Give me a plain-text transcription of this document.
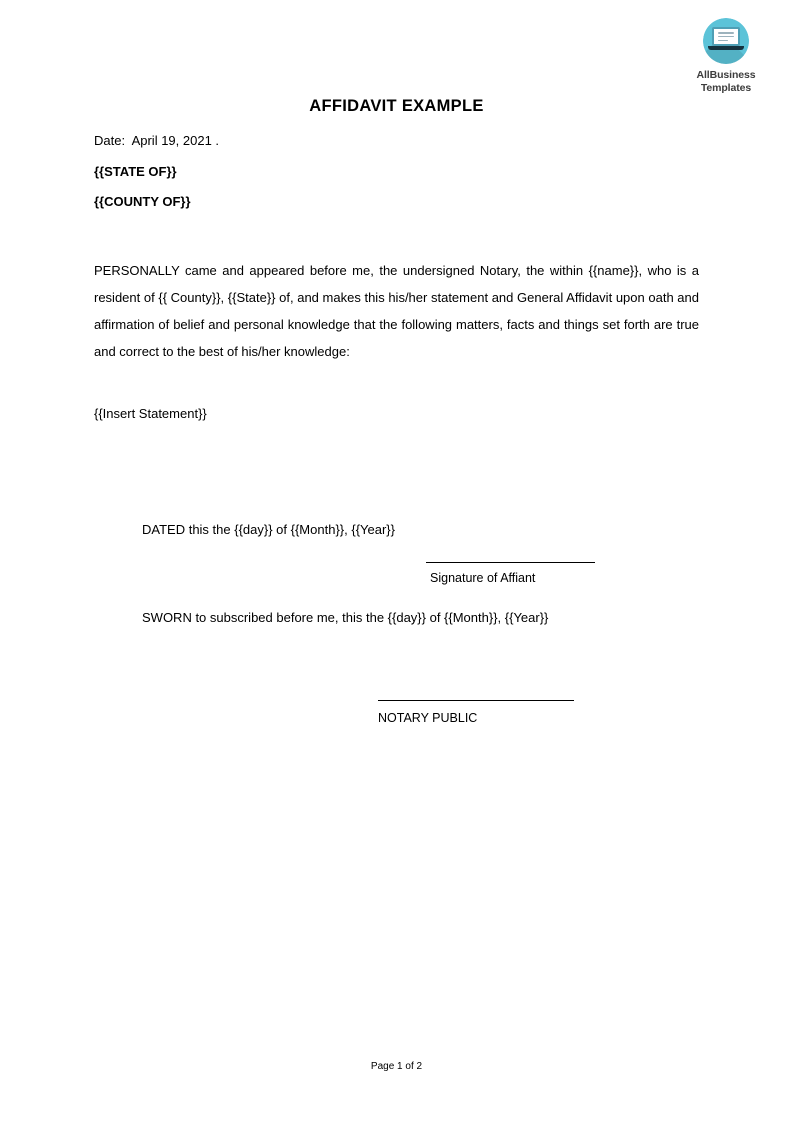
AllBusiness
Templates
AFFIDAVIT EXAMPLE
Date:  April 19, 2021 .
{{STATE OF}}
{{COUNTY OF}}
PERSONALLY came and appeared before me, the undersigned Notary, the within {{name}}, who is a resident of {{ County}}, {{State}} of, and makes this his/her statement and General Affidavit upon oath and affirmation of belief and personal knowledge that the following matters, facts and things set forth are true and correct to the best of his/her knowledge:
{{Insert Statement}}
DATED this the {{day}} of {{Month}}, {{Year}}
Signature of Affiant
SWORN to subscribed before me, this the {{day}} of {{Month}}, {{Year}}
NOTARY PUBLIC
Page 1 of 2
